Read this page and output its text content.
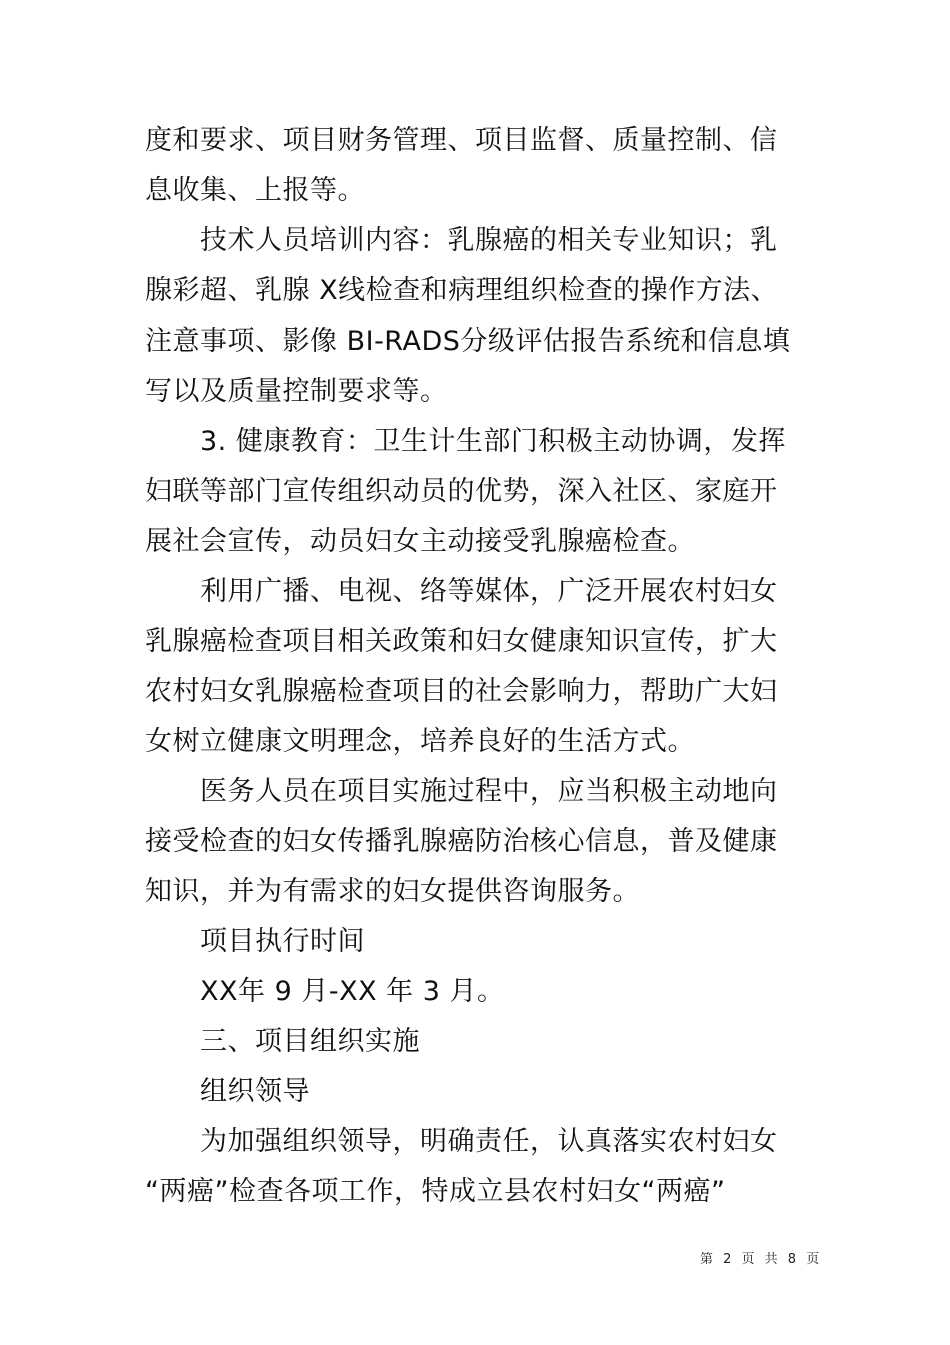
度和要求、项目财务管理、项目监督、质量控制、信
息收集、上报等。
技术人员培训内容：乳腺癌的相关专业知识；乳
腺彩超、乳腺 X线检查和病理组织检查的操作方法、
注意事项、影像 BI-RADS分级评估报告系统和信息填
写以及质量控制要求等。
3. 健康教育：卫生计生部门积极主动协调，发挥
妇联等部门宣传组织动员的优势，深入社区、家庭开
展社会宣传，动员妇女主动接受乳腺癌检查。
利用广播、电视、络等媒体，广泛开展农村妇女
乳腺癌检查项目相关政策和妇女健康知识宣传，扩大
农村妇女乳腺癌检查项目的社会影响力，帮助广大妇
女树立健康文明理念，培养良好的生活方式。
医务人员在项目实施过程中，应当积极主动地向
接受检查的妇女传播乳腺癌防治核心信息，普及健康
知识，并为有需求的妇女提供咨询服务。
项目执行时间
XX年 9 月-XX 年 3 月。
三、项目组织实施
组织领导
为加强组织领导，明确责任，认真落实农村妇女
“两癌”检查各项工作，特成立县农村妇女“两癌”
第 2 页 共 8 页
